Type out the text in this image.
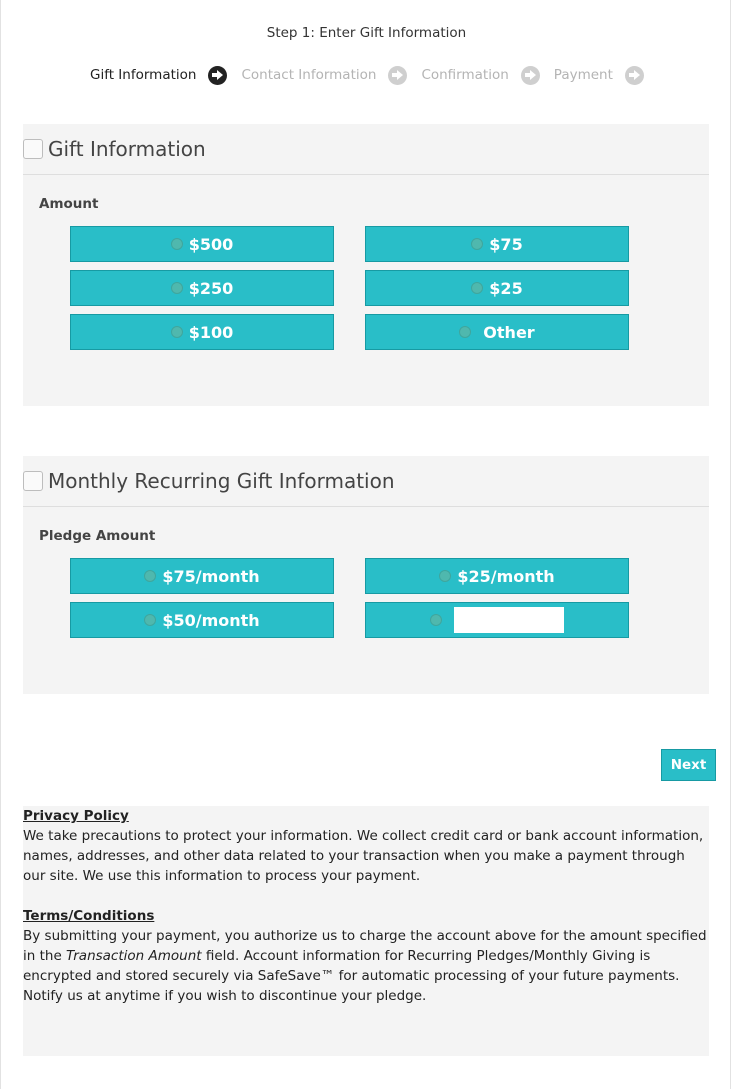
Step 1: Enter Gift Information
Gift Information	Contact Information	Confirmation	Payment
Gift Information
Amount
$500	$75
$250	$25
$100	Other
Monthly Recurring Gift Information
Pledge Amount
$75/month	$25/month
$50/month
Next

Privacy Policy

We take precautions to protect your information. We collect credit card or bank account information, names, addresses, and other data related to your transaction when you make a payment through our site. We use this information to process your payment.

Terms/Conditions

By submitting your payment, you authorize us to charge the account above for the amount specified in the Transaction Amount field. Account information for Recurring Pledges/Monthly Giving is encrypted and stored securely via SafeSave™ for automatic processing of your future payments. Notify us at anytime if you wish to discontinue your pledge.
